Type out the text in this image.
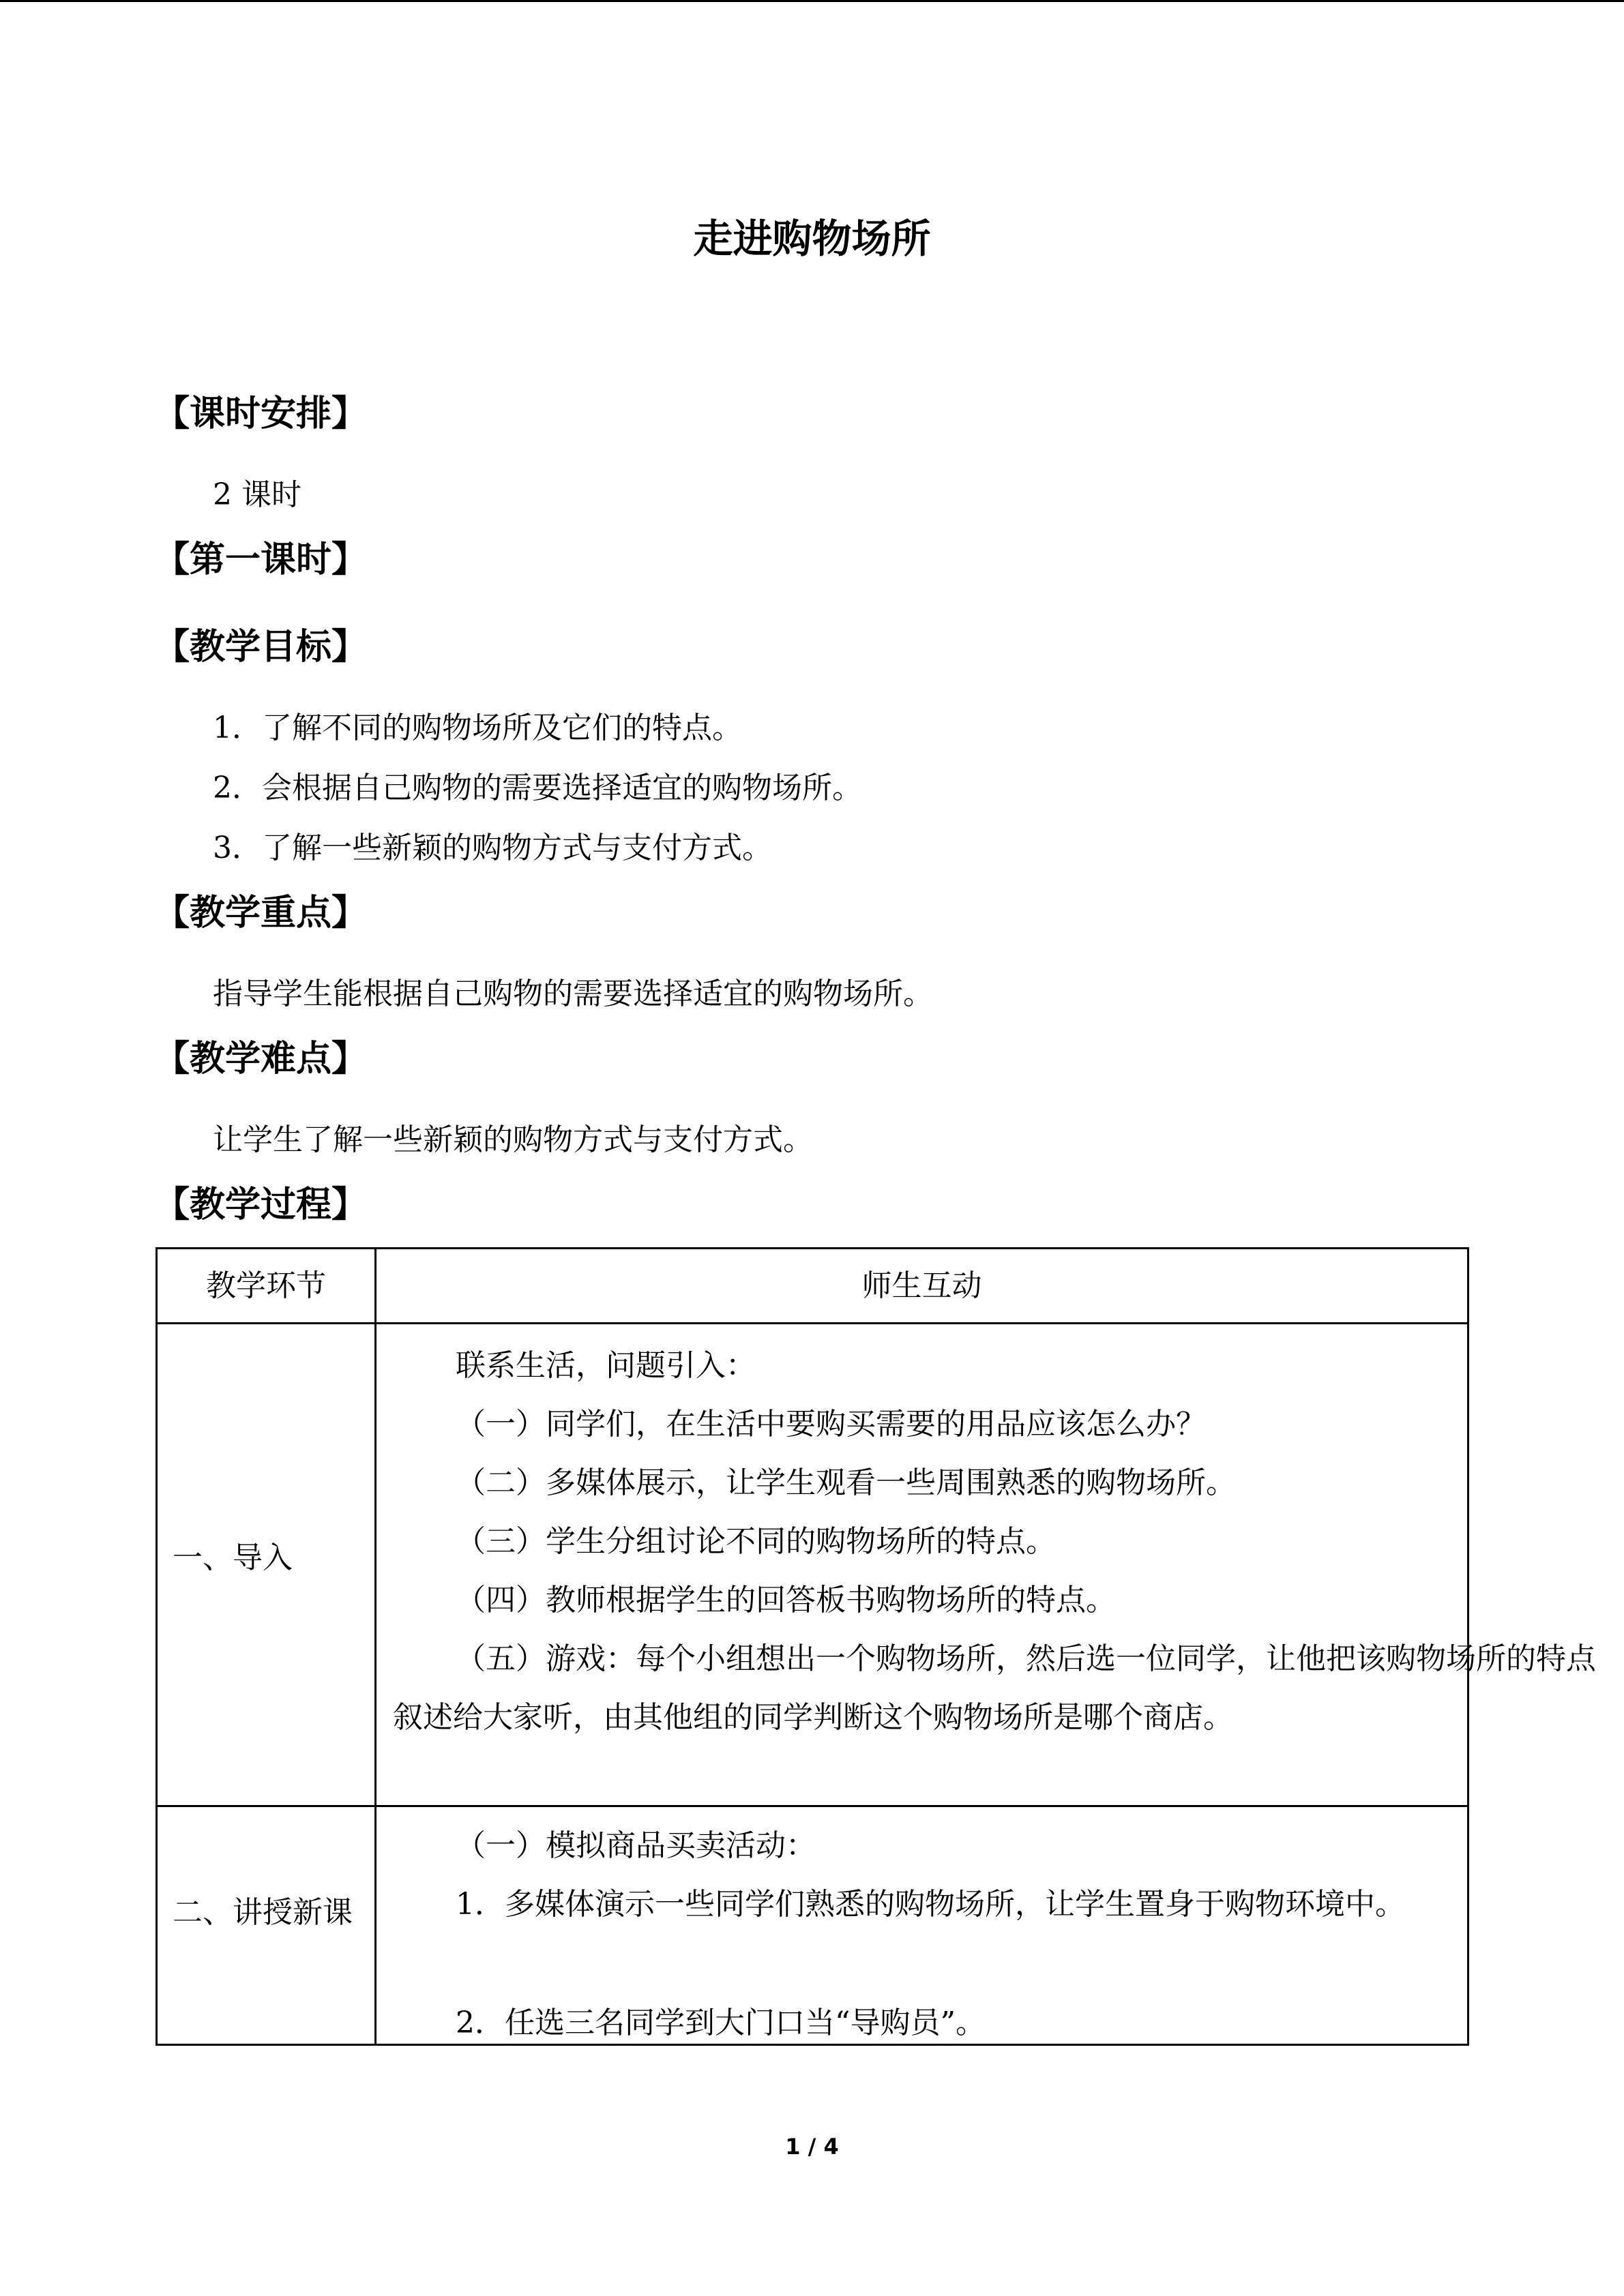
走进购物场所
【课时安排】
2 课时
【第一课时】
【教学目标】
1．了解不同的购物场所及它们的特点。
2．会根据自己购物的需要选择适宜的购物场所。
3．了解一些新颖的购物方式与支付方式。
【教学重点】
指导学生能根据自己购物的需要选择适宜的购物场所。
【教学难点】
让学生了解一些新颖的购物方式与支付方式。
【教学过程】
教学环节	师生互动
一、导入
联系生活，问题引入：
（一）同学们，在生活中要购买需要的用品应该怎么办？
（二）多媒体展示，让学生观看一些周围熟悉的购物场所。
（三）学生分组讨论不同的购物场所的特点。
（四）教师根据学生的回答板书购物场所的特点。
（五）游戏：每个小组想出一个购物场所，然后选一位同学，让他把该购物场所的特点叙述给大家听，由其他组的同学判断这个购物场所是哪个商店。
二、讲授新课
（一）模拟商品买卖活动：
1．多媒体演示一些同学们熟悉的购物场所，让学生置身于购物环境中。
2．任选三名同学到大门口当“导购员”。
1 / 4
